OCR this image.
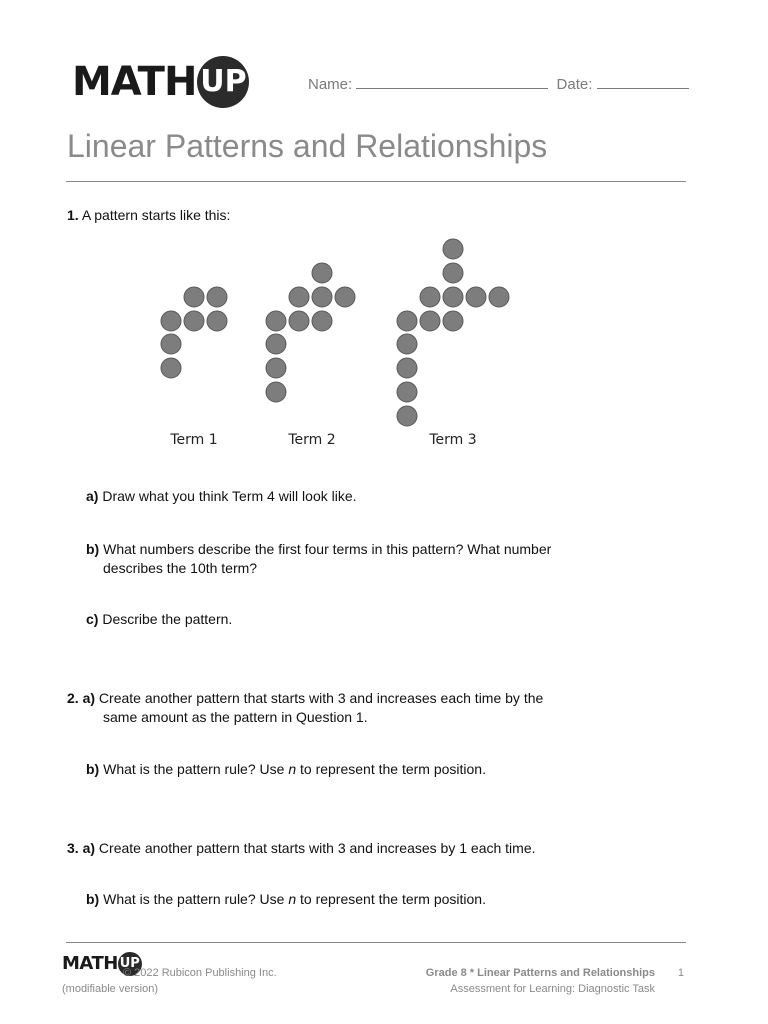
MATH UP	Name:	Date:
Linear Patterns and Relationships
1. A pattern starts like this:
Term 1	Term 2	Term 3
a) Draw what you think Term 4 will look like.
b) What numbers describe the first four terms in this pattern? What number
describes the 10th term?
c) Describe the pattern.
2. a) Create another pattern that starts with 3 and increases each time by the
same amount as the pattern in Question 1.
b) What is the pattern rule? Use n to represent the term position.
3. a) Create another pattern that starts with 3 and increases by 1 each time.
b) What is the pattern rule? Use n to represent the term position.
MATH UP
© 2022 Rubicon Publishing Inc.
(modifiable version)
Grade 8 * Linear Patterns and Relationships 1
Assessment for Learning: Diagnostic Task
